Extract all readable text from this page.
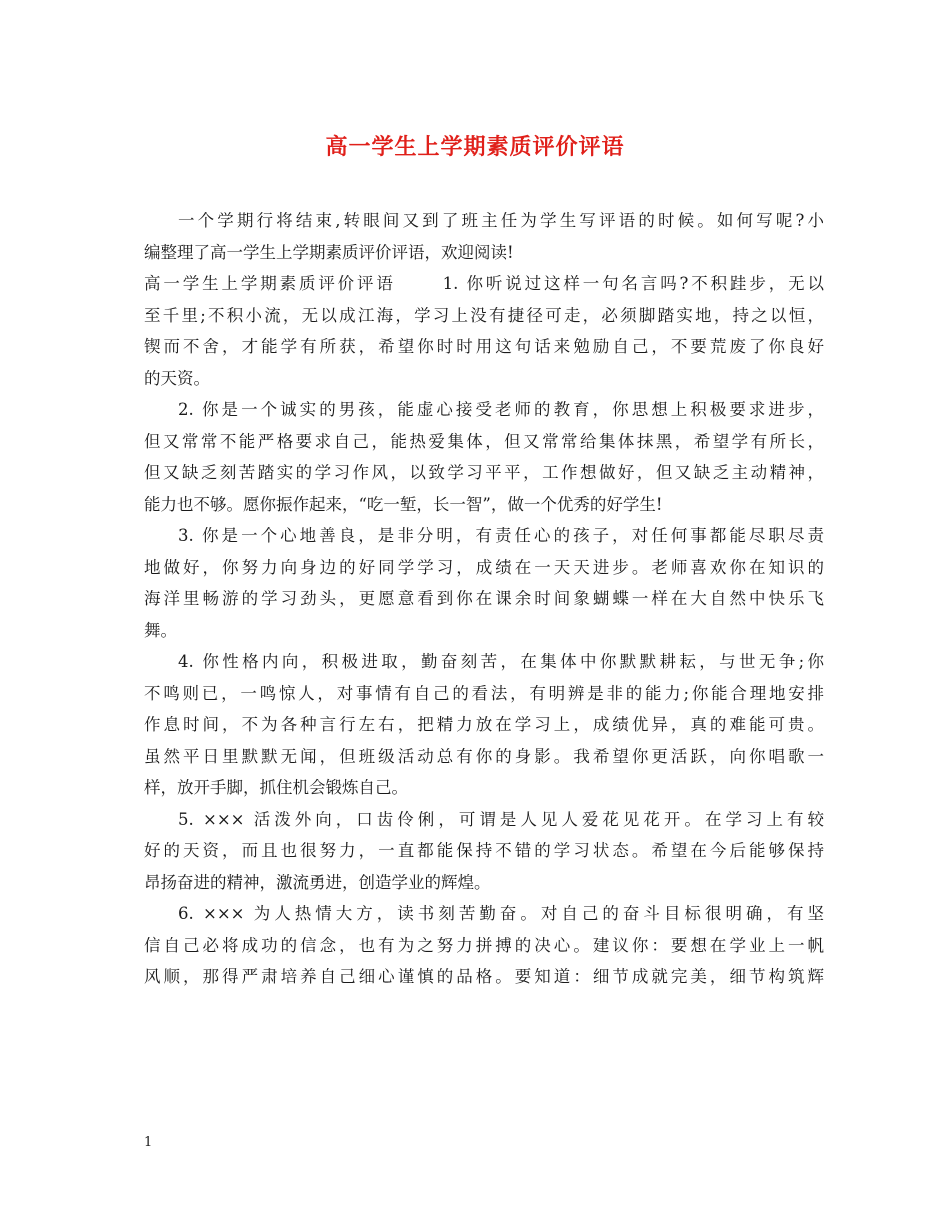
高一学生上学期素质评价评语
一个学期行将结束,转眼间又到了班主任为学生写评语的时候。如何写呢?小
编整理了高一学生上学期素质评价评语，欢迎阅读!
高一学生上学期素质评价评语　　 1. 你听说过这样一句名言吗?不积跬步，无以
至千里;不积小流，无以成江海，学习上没有捷径可走，必须脚踏实地，持之以恒，
锲而不舍，才能学有所获，希望你时时用这句话来勉励自己，不要荒废了你良好
的天资。
2. 你是一个诚实的男孩，能虚心接受老师的教育，你思想上积极要求进步，
但又常常不能严格要求自己，能热爱集体，但又常常给集体抹黑，希望学有所长，
但又缺乏刻苦踏实的学习作风，以致学习平平，工作想做好，但又缺乏主动精神，
能力也不够。愿你振作起来，“吃一堑，长一智”，做一个优秀的好学生!
3. 你是一个心地善良，是非分明，有责任心的孩子，对任何事都能尽职尽责
地做好，你努力向身边的好同学学习，成绩在一天天进步。老师喜欢你在知识的
海洋里畅游的学习劲头，更愿意看到你在课余时间象蝴蝶一样在大自然中快乐飞
舞。
4. 你性格内向，积极进取，勤奋刻苦，在集体中你默默耕耘，与世无争;你
不鸣则已，一鸣惊人，对事情有自己的看法，有明辨是非的能力;你能合理地安排
作息时间，不为各种言行左右，把精力放在学习上，成绩优异，真的难能可贵。
虽然平日里默默无闻，但班级活动总有你的身影。我希望你更活跃，向你唱歌一
样，放开手脚，抓住机会锻炼自己。
5. ××× 活泼外向，口齿伶俐，可谓是人见人爱花见花开。在学习上有较
好的天资，而且也很努力，一直都能保持不错的学习状态。希望在今后能够保持
昂扬奋进的精神，激流勇进，创造学业的辉煌。
6. ××× 为人热情大方，读书刻苦勤奋。对自己的奋斗目标很明确，有坚
信自己必将成功的信念，也有为之努力拼搏的决心。建议你：要想在学业上一帆
风顺，那得严肃培养自己细心谨慎的品格。要知道：细节成就完美，细节构筑辉
1
